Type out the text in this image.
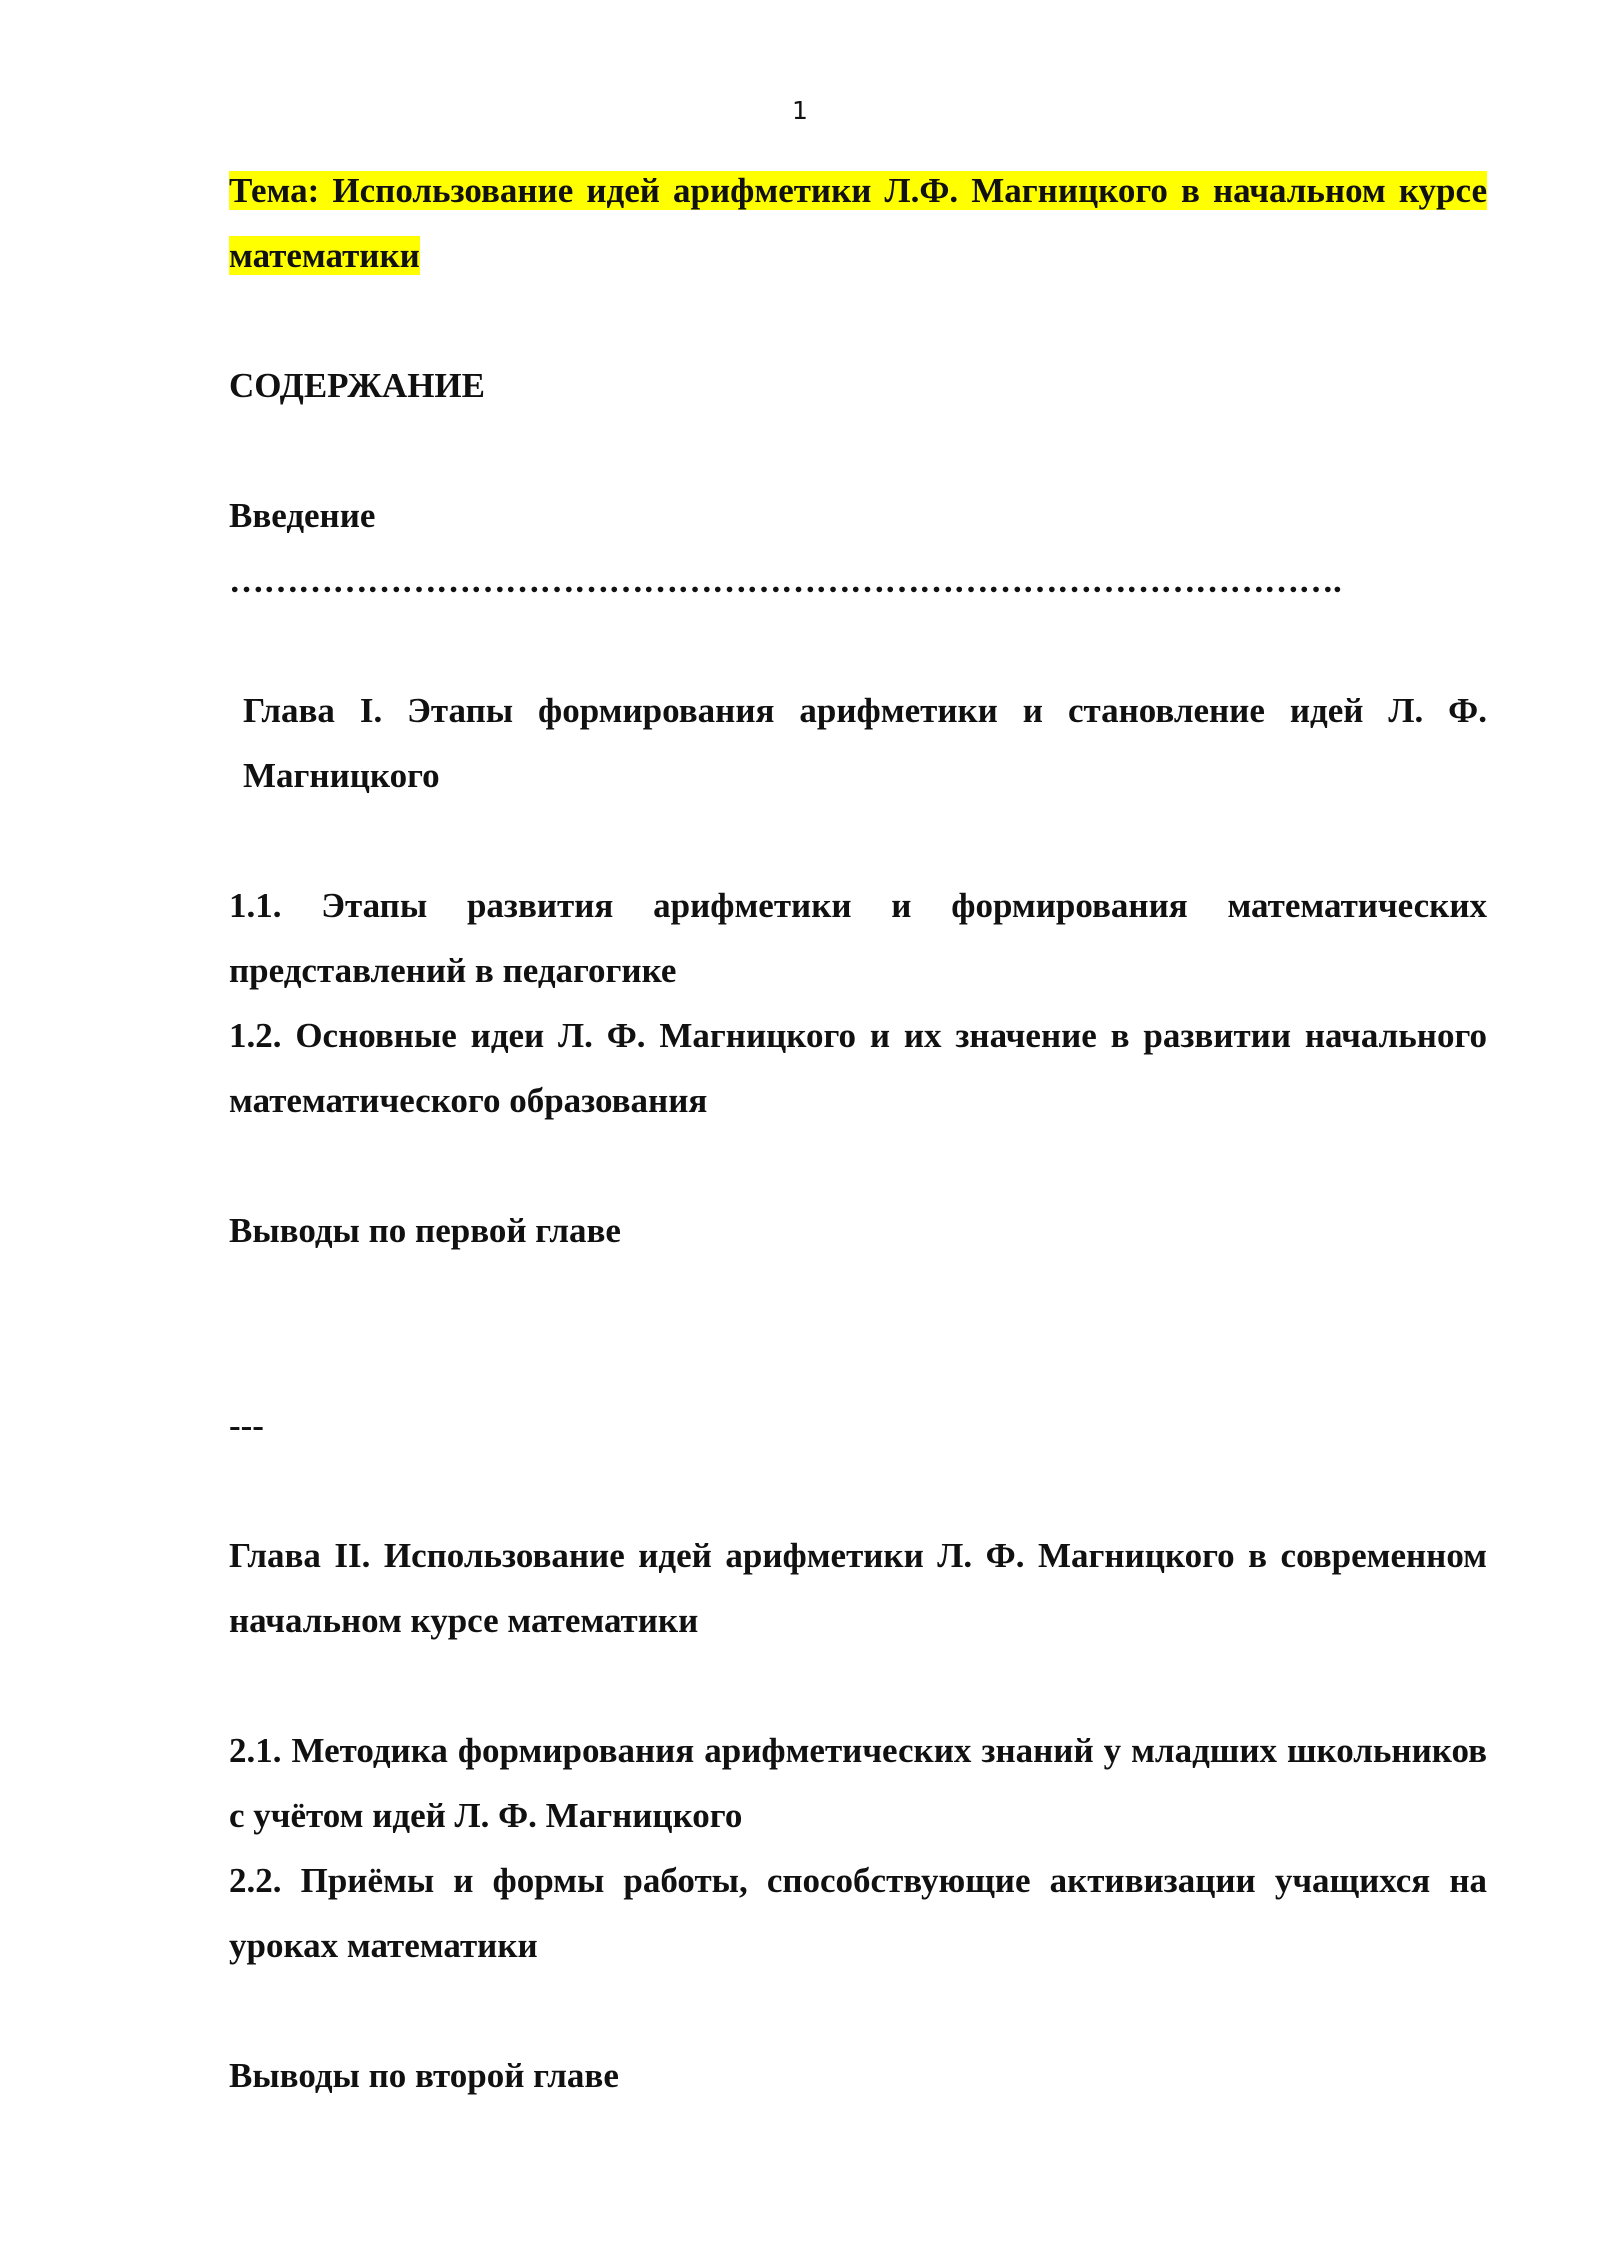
1

Тема: Использование идей арифметики Л.Ф. Магницкого в начальном курсе математики

СОДЕРЖАНИЕ

Введение

…………………………………………………………………………………….

Глава I. Этапы формирования арифметики и становление идей Л. Ф. Магницкого

1.1. Этапы развития арифметики и формирования математических представлений в педагогике

1.2. Основные идеи Л. Ф. Магницкого и их значение в развитии начального математического образования

Выводы по первой главе

---

Глава II. Использование идей арифметики Л. Ф. Магницкого в современном начальном курсе математики

2.1. Методика формирования арифметических знаний у младших школьников с учётом идей Л. Ф. Магницкого

2.2. Приёмы и формы работы, способствующие активизации учащихся на уроках математики

Выводы по второй главе
